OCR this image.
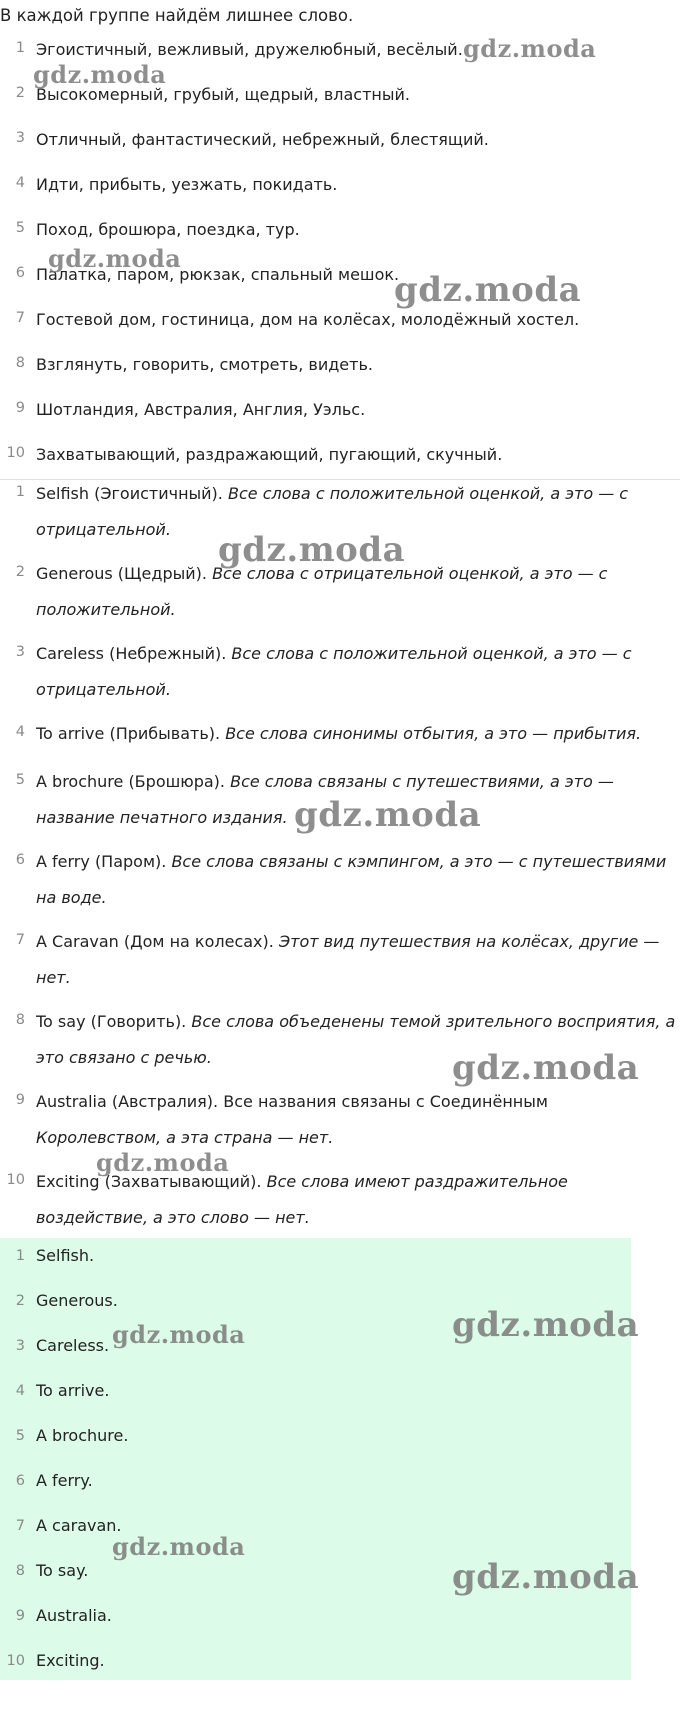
В каждой группе найдём лишнее слово.
1 Эгоистичный, вежливый, дружелюбный, весёлый.
2 Высокомерный, грубый, щедрый, властный.
3 Отличный, фантастический, небрежный, блестящий.
4 Идти, прибыть, уезжать, покидать.
5 Поход, брошюра, поездка, тур.
6 Палатка, паром, рюкзак, спальный мешок.
7 Гостевой дом, гостиница, дом на колёсах, молодёжный хостел.
8 Взглянуть, говорить, смотреть, видеть.
9 Шотландия, Австралия, Англия, Уэльс.
10 Захватывающий, раздражающий, пугающий, скучный.
1 Selfish (Эгоистичный). Все слова с положительной оценкой, а это — с
отрицательной.
2 Generous (Щедрый). Все слова с отрицательной оценкой, а это — с
положительной.
3 Careless (Небрежный). Все слова с положительной оценкой, а это — с
отрицательной.
4 To arrive (Прибывать). Все слова синонимы отбытия, а это — прибытия.
5 A brochure (Брошюра). Все слова связаны с путешествиями, а это —
название печатного издания.
6 A ferry (Паром). Все слова связаны с кэмпингом, а это — с путешествиями
на воде.
7 A Caravan (Дом на колесах). Этот вид путешествия на колёсах, другие —
нет.
8 To say (Говорить). Все слова объеденены темой зрительного восприятия, а
это связано с речью.
9 Australia (Австралия). Все названия связаны с Соединённым
Королевством, а эта страна — нет.
10 Exciting (Захватывающий). Все слова имеют раздражительное
воздействие, а это слово — нет.
1 Selfish.
2 Generous.
3 Careless.
4 To arrive.
5 A brochure.
6 A ferry.
7 A caravan.
8 To say.
9 Australia.
10 Exciting.
gdz.moda
gdz.moda
gdz.moda
gdz.moda
gdz.moda
gdz.moda
gdz.moda
gdz.moda
gdz.moda
gdz.moda
gdz.moda
gdz.moda
